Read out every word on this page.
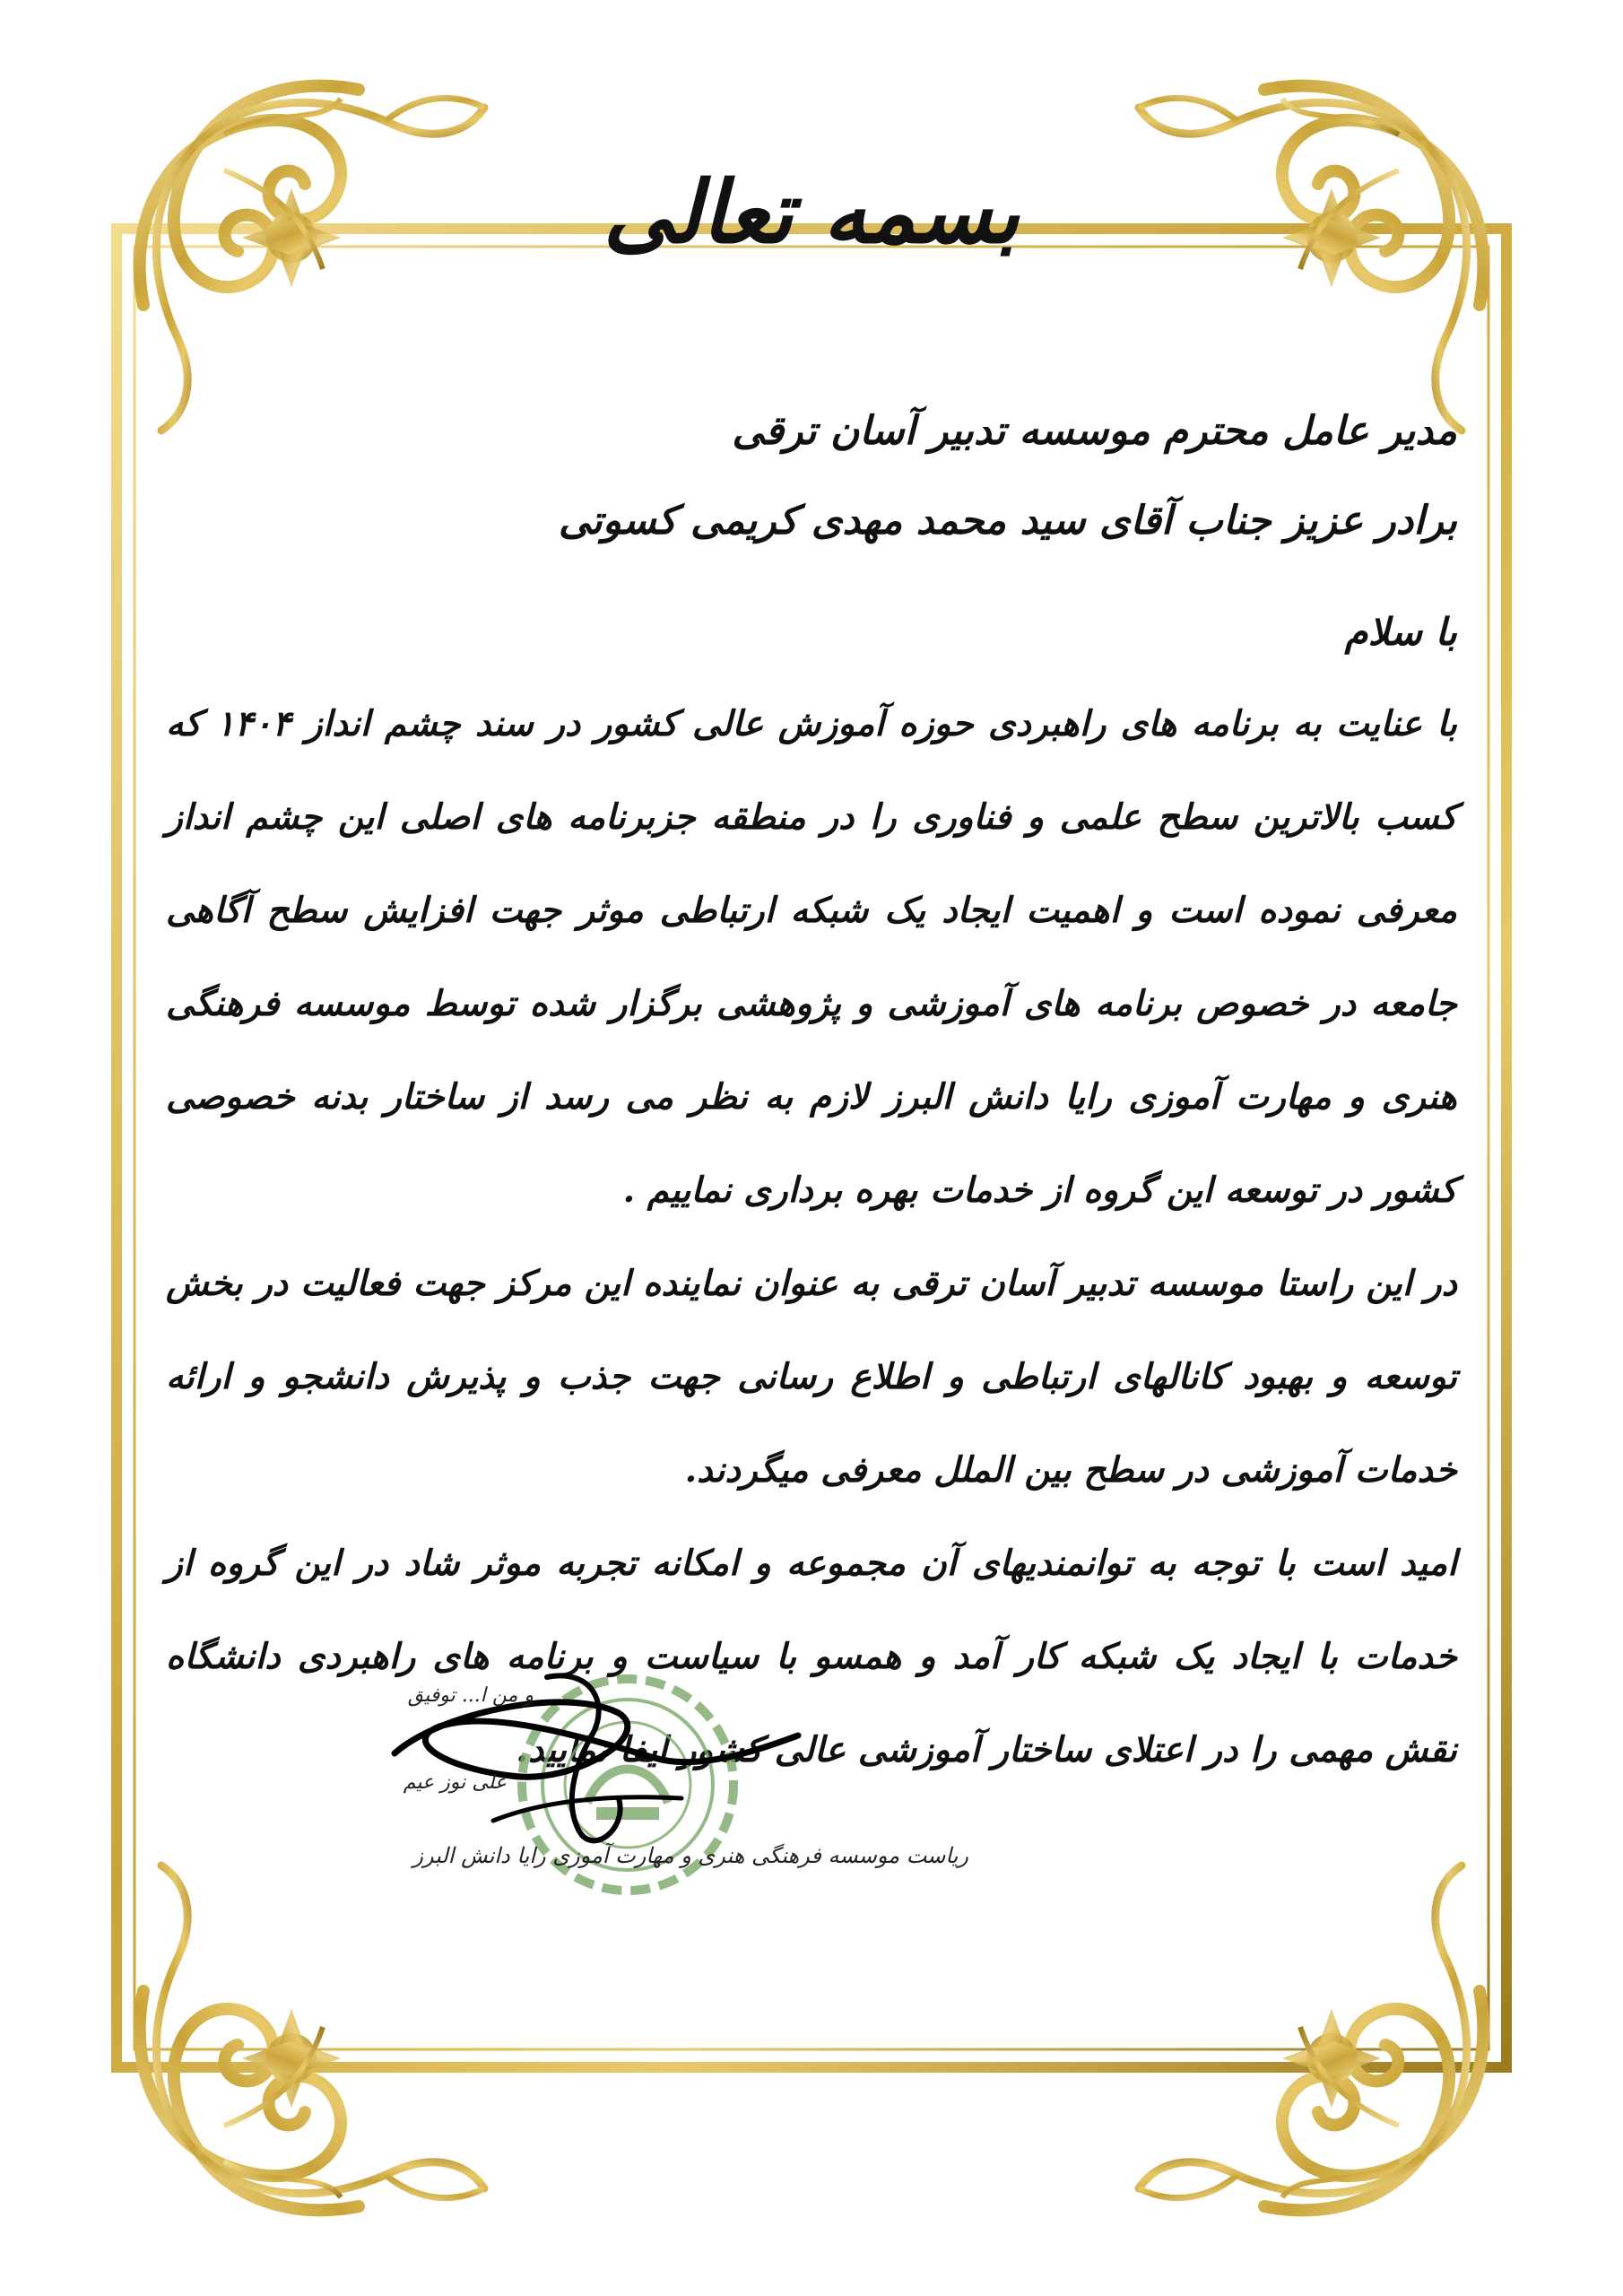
بسمه تعالی
مدیر عامل محترم موسسه تدبیر آسان ترقی
برادر عزیز جناب آقای سید محمد مهدی کریمی کسوتی
با سلام

با عنایت به برنامه های راهبردی حوزه آموزش عالی کشور در سند چشم انداز ۱۴۰۴ که کسب بالاترین سطح علمی و فناوری را در منطقه جزبرنامه های اصلی این چشم انداز معرفی نموده است و اهمیت ایجاد یک شبکه ارتباطی موثر جهت افزایش سطح آگاهی جامعه در خصوص برنامه های آموزشی و پژوهشی برگزار شده توسط موسسه فرهنگی هنری و مهارت آموزی رایا دانش البرز لازم به نظر می رسد از ساختار بدنه خصوصی کشور در توسعه این گروه از خدمات بهره برداری نماییم .

در این راستا موسسه تدبیر آسان ترقی به عنوان نماینده این مرکز جهت فعالیت در بخش توسعه و بهبود کانالهای ارتباطی و اطلاع رسانی جهت جذب و پذیرش دانشجو و ارائه خدمات آموزشی در سطح بین الملل معرفی میگردند.

امید است با توجه به توانمندیهای آن مجموعه و امکانه تجربه موثر شاد در این گروه از خدمات با ایجاد یک شبکه کار آمد و همسو با سیاست و برنامه های راهبردی دانشگاه نقش مهمی را در اعتلای ساختار آموزشی عالی کشور ایفا نمایید.

و من ا... توفیق
علی نوز عیم
ریاست موسسه فرهنگی هنری و مهارت آموزی رایا دانش البرز
